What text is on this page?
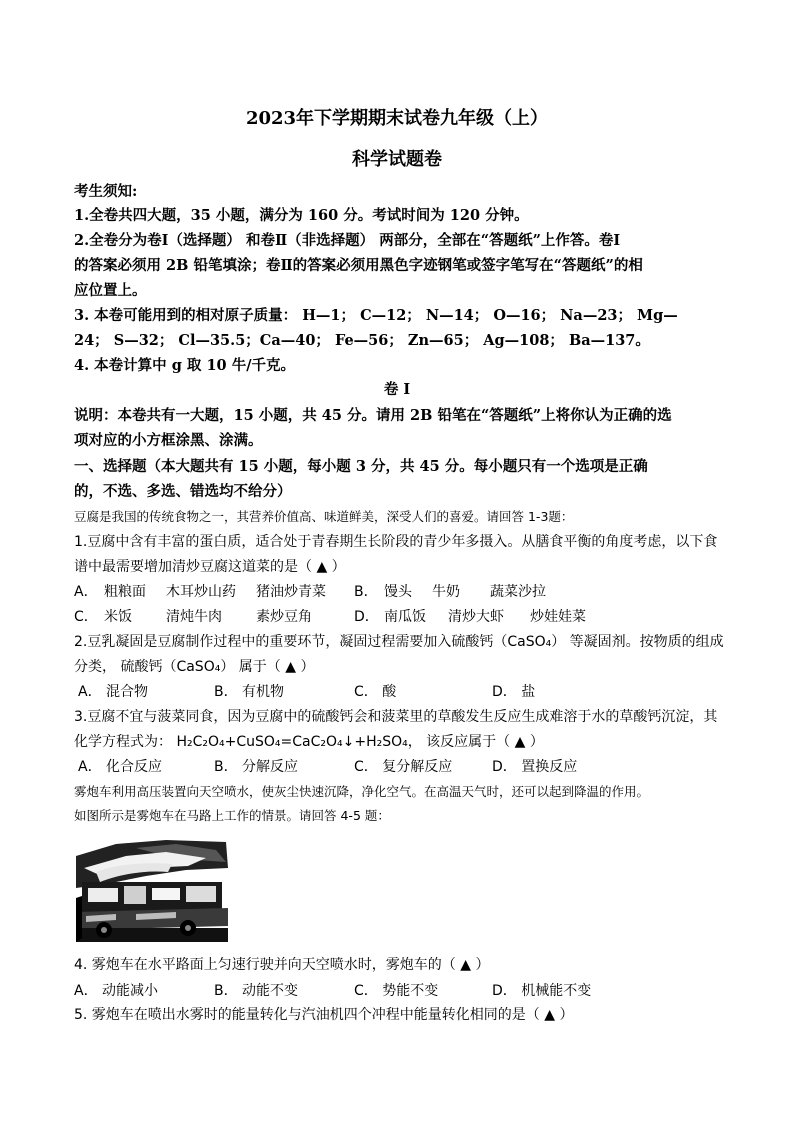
2023年下学期期末试卷九年级（上）
科学试题卷
考生须知:
1.全卷共四大题，35 小题，满分为 160 分。考试时间为 120 分钟。
2.全卷分为卷Ⅰ（选择题） 和卷Ⅱ（非选择题） 两部分，全部在“答题纸”上作答。卷Ⅰ
的答案必须用 2B 铅笔填涂；卷Ⅱ的答案必须用黑色字迹钢笔或签字笔写在“答题纸”的相
应位置上。
3. 本卷可能用到的相对原子质量： H—1； C—12； N—14； O—16； Na—23； Mg—
24； S—32； Cl—35.5；Ca—40； Fe—56； Zn—65； Ag—108； Ba—137。
4. 本卷计算中 g 取 10 牛/千克。
卷 Ⅰ
说明：本卷共有一大题，15 小题，共 45 分。请用 2B 铅笔在“答题纸”上将你认为正确的选
项对应的小方框涂黑、涂满。
一、选择题（本大题共有 15 小题，每小题 3 分，共 45 分。每小题只有一个选项是正确
的，不选、多选、错选均不给分）
豆腐是我国的传统食物之一，其营养价值高、味道鲜美，深受人们的喜爱。请回答 1-3题：
1.豆腐中含有丰富的蛋白质，适合处于青春期生长阶段的青少年多摄入。从膳食平衡的角度考虑，以下食
谱中最需要增加清炒豆腐这道菜的是（ ▲ ）
A． 粗粮面 木耳炒山药 猪油炒青菜 B． 馒头 牛奶 蔬菜沙拉
C． 米饭 清炖牛肉 素炒豆角	D． 南瓜饭 清炒大虾 炒娃娃菜
2.豆乳凝固是豆腐制作过程中的重要环节，凝固过程需要加入硫酸钙（CaSO₄） 等凝固剂。按物质的组成
分类， 硫酸钙（CaSO₄） 属于（ ▲ ）
A． 混合物	B． 有机物	C． 酸	D． 盐
3.豆腐不宜与菠菜同食，因为豆腐中的硫酸钙会和菠菜里的草酸发生反应生成难溶于水的草酸钙沉淀，其
化学方程式为： H₂C₂O₄+CuSO₄=CaC₂O₄↓+H₂SO₄， 该反应属于（ ▲ ）
A． 化合反应	B． 分解反应	C． 复分解反应	D． 置换反应
雾炮车利用高压装置向天空喷水，使灰尘快速沉降，净化空气。在高温天气时，还可以起到降温的作用。
如图所示是雾炮车在马路上工作的情景。请回答 4-5 题：
4. 雾炮车在水平路面上匀速行驶并向天空喷水时，雾炮车的（ ▲ ）
A． 动能减小	B． 动能不变	C． 势能不变	D． 机械能不变
5. 雾炮车在喷出水雾时的能量转化与汽油机四个冲程中能量转化相同的是（ ▲ ）
